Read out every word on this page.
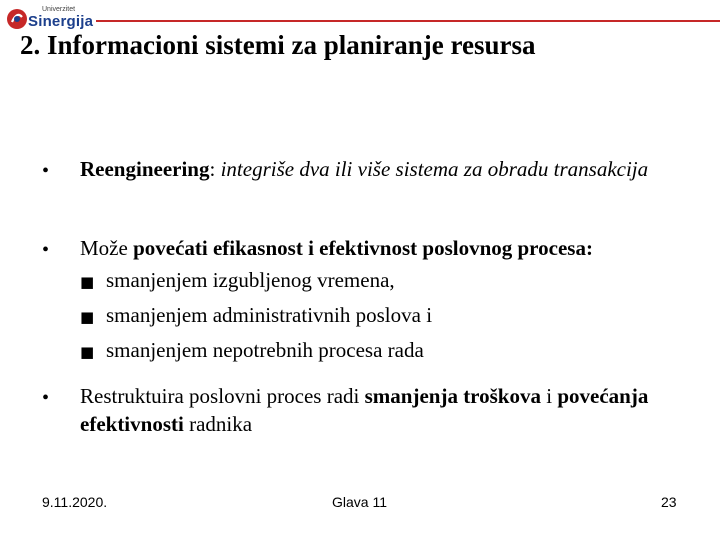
Univerzitet
Sinergija
2. Informacioni sistemi za planiranje resursa
• Reengineering: integriše dva ili više sistema za obradu transakcija
• Može povećati efikasnost i efektivnost poslovnog procesa:
■ smanjenjem izgubljenog vremena,
■ smanjenjem administrativnih poslova i
■ smanjenjem nepotrebnih procesa rada
• Restruktuira poslovni proces radi smanjenja troškova i povećanja efektivnosti radnika
9.11.2020.	Glava 11	23
